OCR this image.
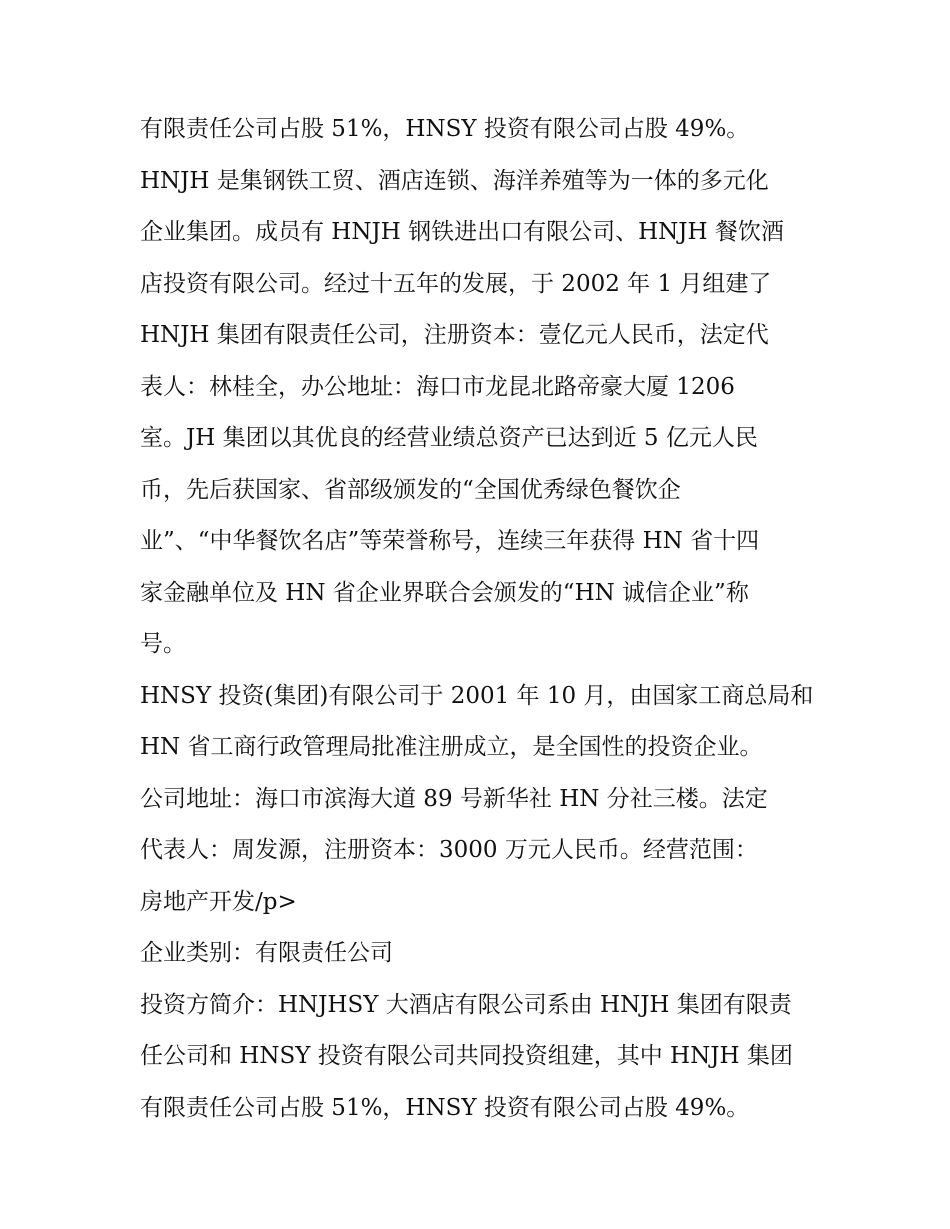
有限责任公司占股 51%，HNSY 投资有限公司占股 49%。
HNJH 是集钢铁工贸、酒店连锁、海洋养殖等为一体的多元化
企业集团。成员有 HNJH 钢铁进出口有限公司、HNJH 餐饮酒
店投资有限公司。经过十五年的发展，于 2002 年 1 月组建了
HNJH 集团有限责任公司，注册资本：壹亿元人民币，法定代
表人：林桂全，办公地址：海口市龙昆北路帝豪大厦 1206
室。JH 集团以其优良的经营业绩总资产已达到近 5 亿元人民
币，先后获国家、省部级颁发的“全国优秀绿色餐饮企
业”、“中华餐饮名店”等荣誉称号，连续三年获得 HN 省十四
家金融单位及 HN 省企业界联合会颁发的“HN 诚信企业”称
号。
HNSY 投资(集团)有限公司于 2001 年 10 月，由国家工商总局和
HN 省工商行政管理局批准注册成立，是全国性的投资企业。
公司地址：海口市滨海大道 89 号新华社 HN 分社三楼。法定
代表人：周发源，注册资本：3000 万元人民币。经营范围：
房地产开发/p>
企业类别：有限责任公司
投资方简介：HNJHSY 大酒店有限公司系由 HNJH 集团有限责
任公司和 HNSY 投资有限公司共同投资组建，其中 HNJH 集团
有限责任公司占股 51%，HNSY 投资有限公司占股 49%。
